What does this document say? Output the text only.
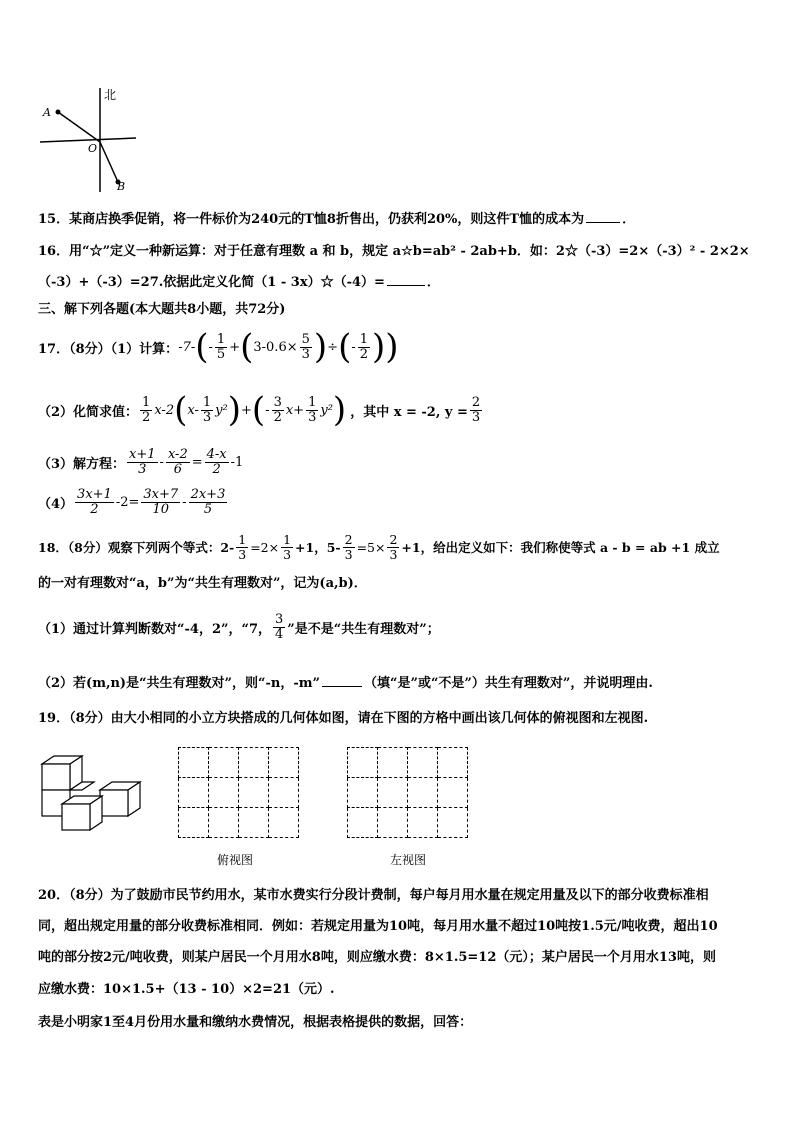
北
A
O
B
15．某商店换季促销，将一件标价为240元的T恤8折售出，仍获利20%，则这件T恤的成本为	．
16．用“☆”定义一种新运算：对于任意有理数 a 和 b，规定 a☆b=ab² - 2ab+b．如：2☆（-3）=2×（-3）² - 2×2×
（-3）+（-3）=27.依据此定义化简（1 - 3x）☆（-4）=	．
三、解下列各题(本大题共8小题，共72分)
17．（8分）（1）计算： -7- ( - $\frac{1}{5}$ + ( $3-0.6\times \frac{5}{3}$ ) ÷ ( - $\frac{1}{2}$ ) )
（2）化简求值： $\frac{1}{2} x-2$ ( $x- \frac{1}{3} y^2$ ) + ( - $\frac{3}{2} x+ \frac{1}{3} y^2$ ) ，其中 x = -2, $y = \frac{2}{3}$
（3）解方程： $\frac{x+1}{3} - \frac{x-2}{6} = \frac{4-x}{2} -1$
$(4) \frac{3x+1}{2} -2= \frac{3x+7}{10} - \frac{2x+3}{5}$
18．（8分）观察下列两个等式：$2- \frac{1}{3} =2\times \frac{1}{3} +1$，$5- \frac{2}{3} =5\times \frac{2}{3} +1$，给出定义如下：我们称使等式 a - b = ab +1 成立
的一对有理数对“a，b”为“共生有理数对”，记为(a,b)．
（1）通过计算判断数对“-4，2”，“7， $\frac{3}{4}$ ”是不是“共生有理数对”；
（2）若(m,n)是“共生有理数对”，则“-n，-m”	（填“是”或“不是”）共生有理数对”，并说明理由.
19．（8分）由大小相同的小立方块搭成的几何体如图，请在下图的方格中画出该几何体的俯视图和左视图.

俯视图

				左视图
20．（8分）为了鼓励市民节约用水，某市水费实行分段计费制，每户每月用水量在规定用量及以下的部分收费标准相
同，超出规定用量的部分收费标准相同．例如：若规定用量为10吨，每月用水量不超过10吨按1.5元/吨收费，超出10
吨的部分按2元/吨收费，则某户居民一个月用水8吨，则应缴水费：8×1.5=12（元）；某户居民一个月用水13吨，则
应缴水费：10×1.5+（13 - 10）×2=21（元）.
表是小明家1至4月份用水量和缴纳水费情况，根据表格提供的数据，回答：
